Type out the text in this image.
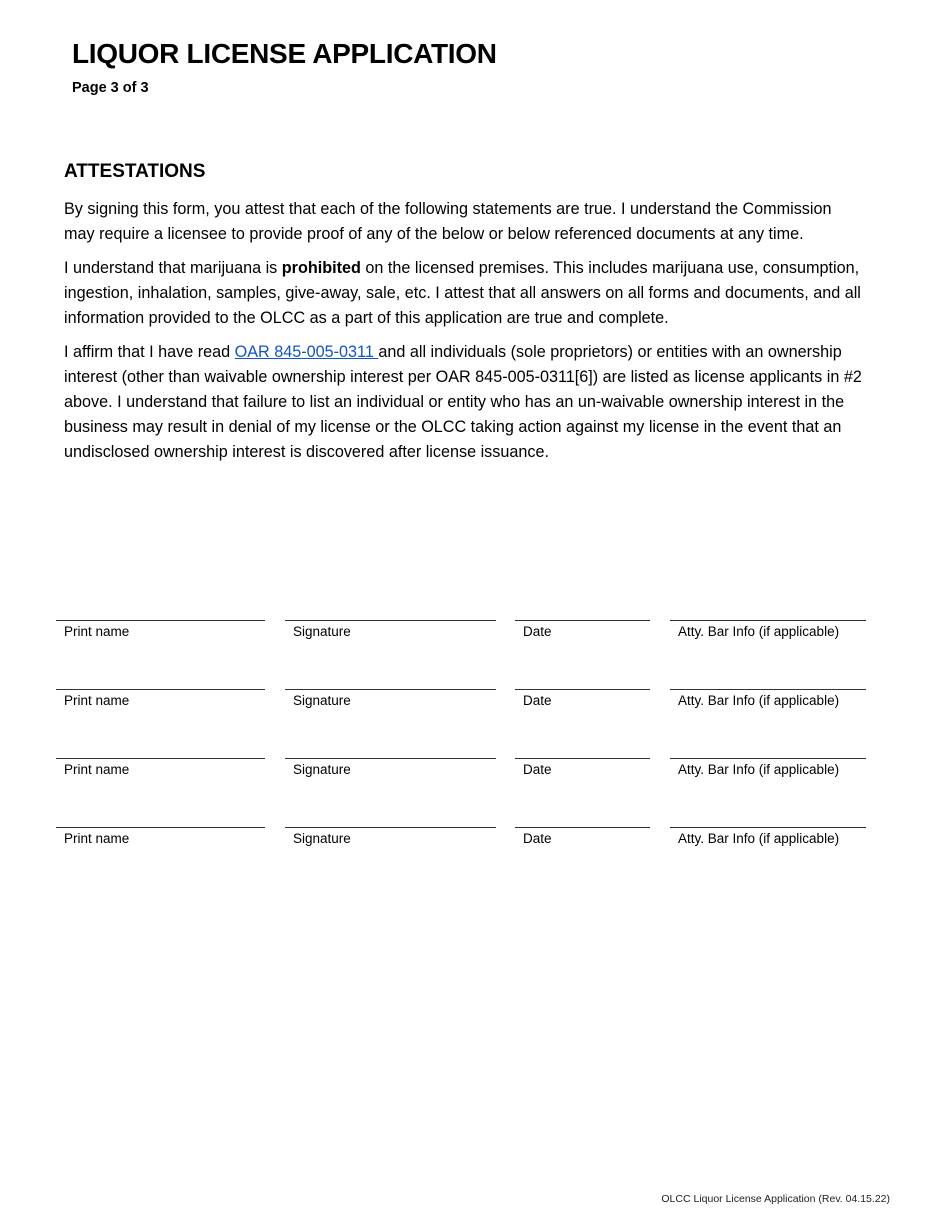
LIQUOR LICENSE APPLICATION
Page 3 of 3
ATTESTATIONS

By signing this form, you attest that each of the following statements are true. I understand the Commission may require a licensee to provide proof of any of the below or below referenced documents at any time.

I understand that marijuana is prohibited on the licensed premises. This includes marijuana use, consumption, ingestion, inhalation, samples, give-away, sale, etc. I attest that all answers on all forms and documents, and all information provided to the OLCC as a part of this application are true and complete.

I affirm that I have read OAR 845-005-0311 and all individuals (sole proprietors) or entities with an ownership interest (other than waivable ownership interest per OAR 845-005-0311[6]) are listed as license applicants in #2 above. I understand that failure to list an individual or entity who has an un-waivable ownership interest in the business may result in denial of my license or the OLCC taking action against my license in the event that an undisclosed ownership interest is discovered after license issuance.

Print name	Signature	Date	Atty. Bar Info (if applicable)
Print name	Signature	Date	Atty. Bar Info (if applicable)
Print name	Signature	Date	Atty. Bar Info (if applicable)
Print name	Signature	Date	Atty. Bar Info (if applicable)
OLCC Liquor License Application (Rev. 04.15.22)
